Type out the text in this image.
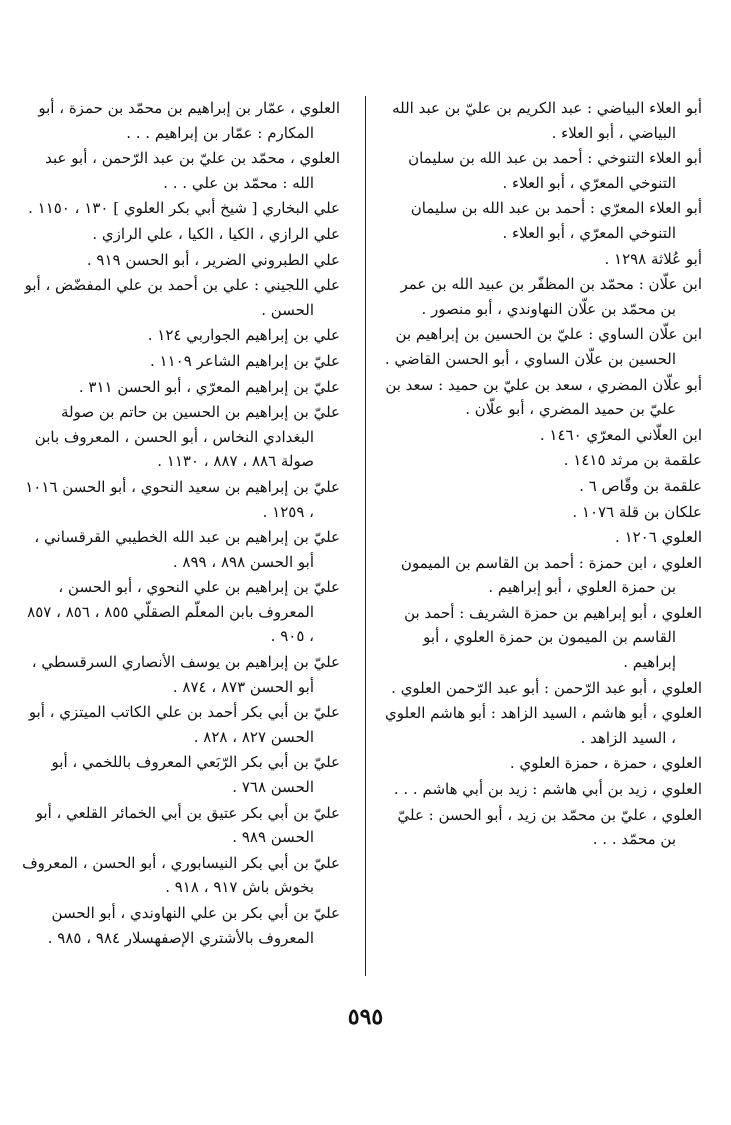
أبو العلاء البياضي : عبد الكريم بن عليّ بن عبد الله البياضي ، أبو العلاء .

أبو العلاء التنوخي : أحمد بن عبد الله بن سليمان التنوخي المعرّي ، أبو العلاء .

أبو العلاء المعرّي : أحمد بن عبد الله بن سليمان التنوخي المعرّي ، أبو العلاء .

أبو عُلاثة ١٢٩٨ .

ابن علّان : محمّد بن المظفّر بن عبيد الله بن عمر بن محمّد بن علّان النهاوندي ، أبو منصور .

ابن علّان الساوي : عليّ بن الحسين بن إبراهيم بن الحسين بن علّان الساوي ، أبو الحسن القاضي .

أبو علّان المضري ، سعد بن عليّ بن حميد : سعد بن عليّ بن حميد المضري ، أبو علّان .

ابن العلّاني المعرّي ١٤٦٠ .

علقمة بن مرثد ١٤١٥ .

علقمة بن وقّاص ٦ .

علكان بن قلة ١٠٧٦ .

العلوي ١٢٠٦ .

العلوي ، ابن حمزة : أحمد بن القاسم بن الميمون بن حمزة العلوي ، أبو إبراهيم .

العلوي ، أبو إبراهيم بن حمزة الشريف : أحمد بن القاسم بن الميمون بن حمزة العلوي ، أبو إبراهيم .

العلوي ، أبو عبد الرّحمن : أبو عبد الرّحمن العلوي .

العلوي ، أبو هاشم ، السيد الزاهد : أبو هاشم العلوي ، السيد الزاهد .

العلوي ، حمزة ، حمزة العلوي .

العلوي ، زيد بن أبي هاشم : زيد بن أبي هاشم . . .

العلوي ، عليّ بن محمّد بن زيد ، أبو الحسن : عليّ بن محمّد . . .

العلوي ، عمّار بن إبراهيم بن محمّد بن حمزة ، أبو المكارم : عمّار بن إبراهيم . . .

العلوي ، محمّد بن عليّ بن عبد الرّحمن ، أبو عبد الله : محمّد بن علي . . .

علي البخاري [ شيخ أبي بكر العلوي ] ١٣٠ ، ١١٥٠ .

علي الرازي ، الكيا ، الكيا ، علي الرازي .

علي الطبروني الضرير ، أبو الحسن ٩١٩ .

علي اللجيني : علي بن أحمد بن علي المفضّض ، أبو الحسن .

علي بن إبراهيم الجواربي ١٢٤ .

عليّ بن إبراهيم الشاعر ١١٠٩ .

عليّ بن إبراهيم المعرّي ، أبو الحسن ٣١١ .

عليّ بن إبراهيم بن الحسين بن حاتم بن صولة البغدادي النخاس ، أبو الحسن ، المعروف بابن صولة ٨٨٦ ، ٨٨٧ ، ١١٣٠ .

عليّ بن إبراهيم بن سعيد النحوي ، أبو الحسن ١٠١٦ ، ١٢٥٩ .

عليّ بن إبراهيم بن عبد الله الخطيبي القرقساني ، أبو الحسن ٨٩٨ ، ٨٩٩ .

عليّ بن إبراهيم بن علي النحوي ، أبو الحسن ، المعروف بابن المعلّم الصقلّي ٨٥٥ ، ٨٥٦ ، ٨٥٧ ، ٩٠٥ .

عليّ بن إبراهيم بن يوسف الأنصاري السرقسطي ، أبو الحسن ٨٧٣ ، ٨٧٤ .

عليّ بن أبي بكر أحمد بن علي الكاتب الميتزي ، أبو الحسن ٨٢٧ ، ٨٢٨ .

عليّ بن أبي بكر الرّبَعي المعروف باللخمي ، أبو الحسن ٧٦٨ .

عليّ بن أبي بكر عتيق بن أبي الخمائر القلعي ، أبو الحسن ٩٨٩ .

عليّ بن أبي بكر النيسابوري ، أبو الحسن ، المعروف بخوش باش ٩١٧ ، ٩١٨ .

عليّ بن أبي بكر بن علي النهاوندي ، أبو الحسن المعروف بالأشتري الإصفهسلار ٩٨٤ ، ٩٨٥ .

٥٩٥
